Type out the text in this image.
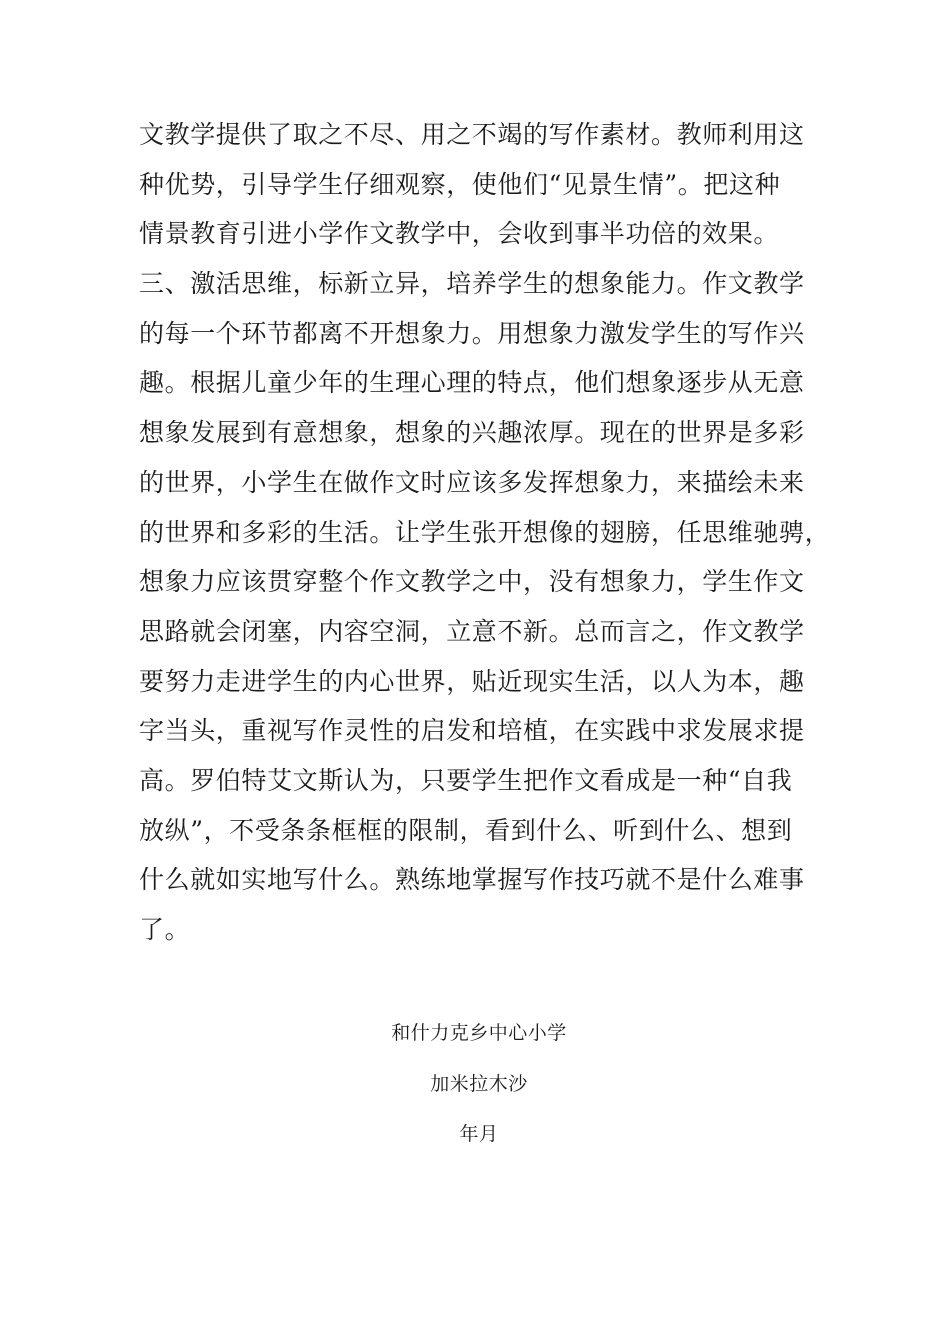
文教学提供了取之不尽、用之不竭的写作素材。教师利用这
种优势，引导学生仔细观察，使他们“见景生情”。把这种
情景教育引进小学作文教学中，会收到事半功倍的效果。
三、激活思维，标新立异，培养学生的想象能力。作文教学
的每一个环节都离不开想象力。用想象力激发学生的写作兴
趣。根据儿童少年的生理心理的特点，他们想象逐步从无意
想象发展到有意想象，想象的兴趣浓厚。现在的世界是多彩
的世界，小学生在做作文时应该多发挥想象力，来描绘未来
的世界和多彩的生活。让学生张开想像的翅膀，任思维驰骋，
想象力应该贯穿整个作文教学之中，没有想象力，学生作文
思路就会闭塞，内容空洞，立意不新。总而言之，作文教学
要努力走进学生的内心世界，贴近现实生活，以人为本，趣
字当头，重视写作灵性的启发和培植，在实践中求发展求提
高。罗伯特艾文斯认为，只要学生把作文看成是一种“自我
放纵”，不受条条框框的限制，看到什么、听到什么、想到
什么就如实地写什么。熟练地掌握写作技巧就不是什么难事
了。
和什力克乡中心小学
加米拉木沙
年月
